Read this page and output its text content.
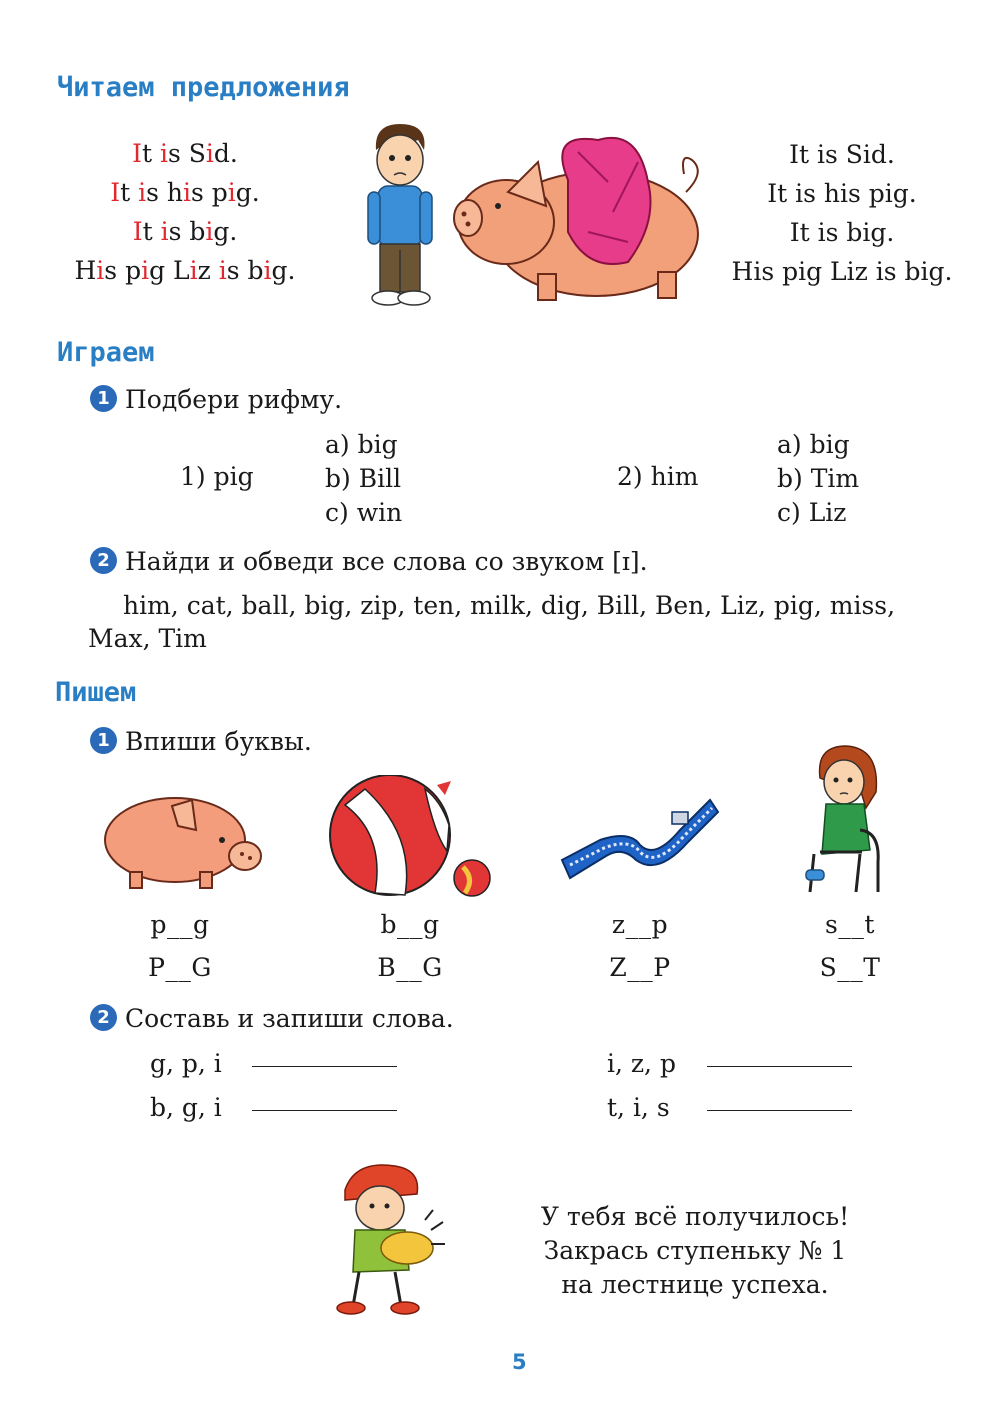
Читаем предложения
It is Sid.
It is his pig.
It is big.
His pig Liz is big.
It is Sid.
It is his pig.
It is big.
His pig Liz is big.
Играем
1 Подбери рифму.
1) pig
a) big
b) Bill
c) win
2) him
a) big
b) Tim
c) Liz
2 Найди и обведи все слова со звуком [ɪ].
him, cat, ball, big, zip, ten, milk, dig, Bill, Ben, Liz, pig, miss,
Max, Tim
Пишем
1 Впиши буквы.
p__g
P__G
b__g
B__G
z__p
Z__P
s__t
S__T
2 Составь и запиши слова.
g, p, i
b, g, i
i, z, p
t, i, s
У тебя всё получилось!
Закрась ступеньку № 1
на лестнице успеха.
5
